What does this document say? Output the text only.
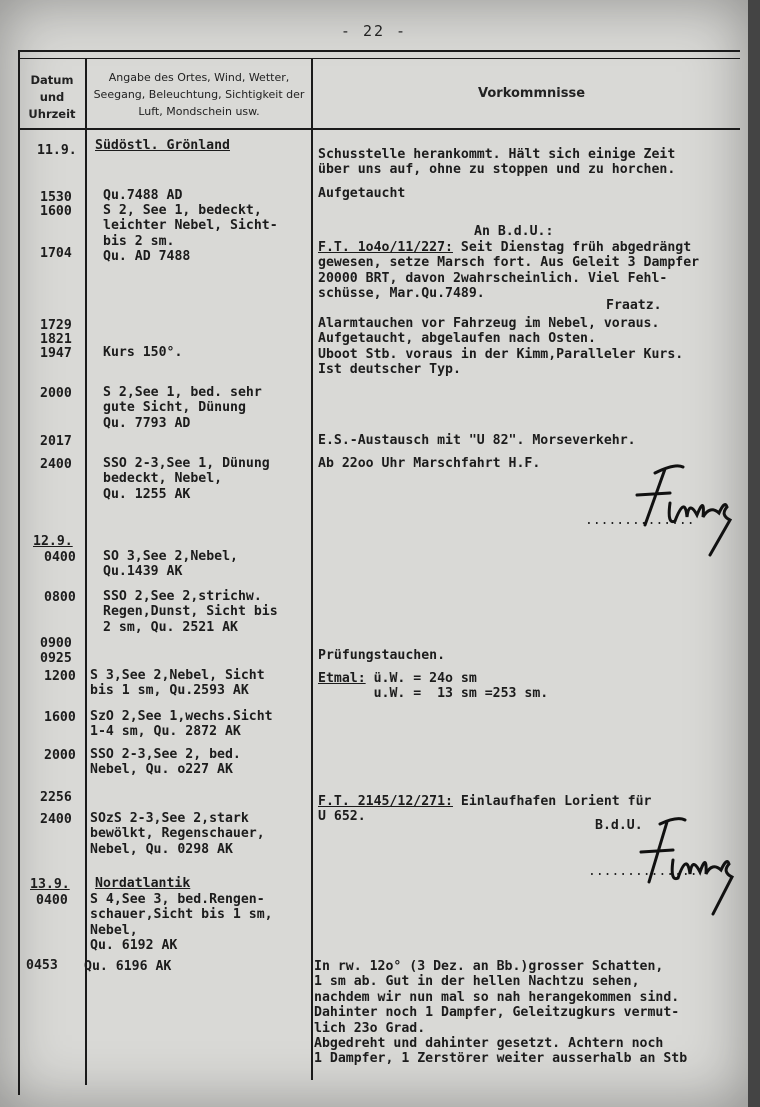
- 22 -
Datum und Uhrzeit
Angabe des Ortes, Wind, Wetter, Seegang, Beleuchtung, Sichtigkeit der Luft, Mondschein usw.
Vorkommnisse
11.9.
1530
1600
1704
1729
1821
1947
2000
2017
2400
12.9.
0400
0800
0900
0925
1200
1600
2000
2256
2400
13.9.
0400
0453
Südöstl. Grönland
Qu.7488 AD
S 2, See 1, bedeckt,
leichter Nebel, Sicht-
bis 2 sm.
Qu. AD 7488
Kurs 150°.
S 2,See 1, bed. sehr
gute Sicht, Dünung
Qu. 7793 AD
SSO 2-3,See 1, Dünung
bedeckt, Nebel,
Qu. 1255 AK
SO 3,See 2,Nebel,
Qu.1439 AK
SSO 2,See 2,strichw.
Regen,Dunst, Sicht bis
2 sm, Qu. 2521 AK
S 3,See 2,Nebel, Sicht
bis 1 sm, Qu.2593 AK
SzO 2,See 1,wechs.Sicht
1-4 sm, Qu. 2872 AK
SSO 2-3,See 2, bed.
Nebel, Qu. o227 AK
SOzS 2-3,See 2,stark
bewölkt, Regenschauer,
Nebel, Qu. 0298 AK
Nordatlantik
S 4,See 3, bed.Rengen-
schauer,Sicht bis 1 sm,
Nebel,
Qu. 6192 AK
Qu. 6196 AK
Schusstelle herankommt. Hält sich einige Zeit
über uns auf, ohne zu stoppen und zu horchen.
Aufgetaucht
An B.d.U.:
F.T. 1o4o/11/227: Seit Dienstag früh abgedrängt
gewesen, setze Marsch fort. Aus Geleit 3 Dampfer
20000 BRT, davon 2wahrscheinlich. Viel Fehl-
schüsse, Mar.Qu.7489.
Fraatz.
Alarmtauchen vor Fahrzeug im Nebel, voraus.
Aufgetaucht, abgelaufen nach Osten.
Uboot Stb. voraus in der Kimm,Paralleler Kurs.
Ist deutscher Typ.
E.S.-Austausch mit "U 82". Morseverkehr.
Ab 22oo Uhr Marschfahrt H.F.
..............
Prüfungstauchen.
Etmal: ü.W. = 24o sm
u.W. =  13 sm =253 sm.
F.T. 2145/12/271: Einlaufhafen Lorient für
U 652.
B.d.U.
..............
In rw. 12o° (3 Dez. an Bb.)grosser Schatten,
1 sm ab. Gut in der hellen Nachtzu sehen,
nachdem wir nun mal so nah herangekommen sind.
Dahinter noch 1 Dampfer, Geleitzugkurs vermut-
lich 23o Grad.
Abgedreht und dahinter gesetzt. Achtern noch
1 Dampfer, 1 Zerstörer weiter ausserhalb an Stb
